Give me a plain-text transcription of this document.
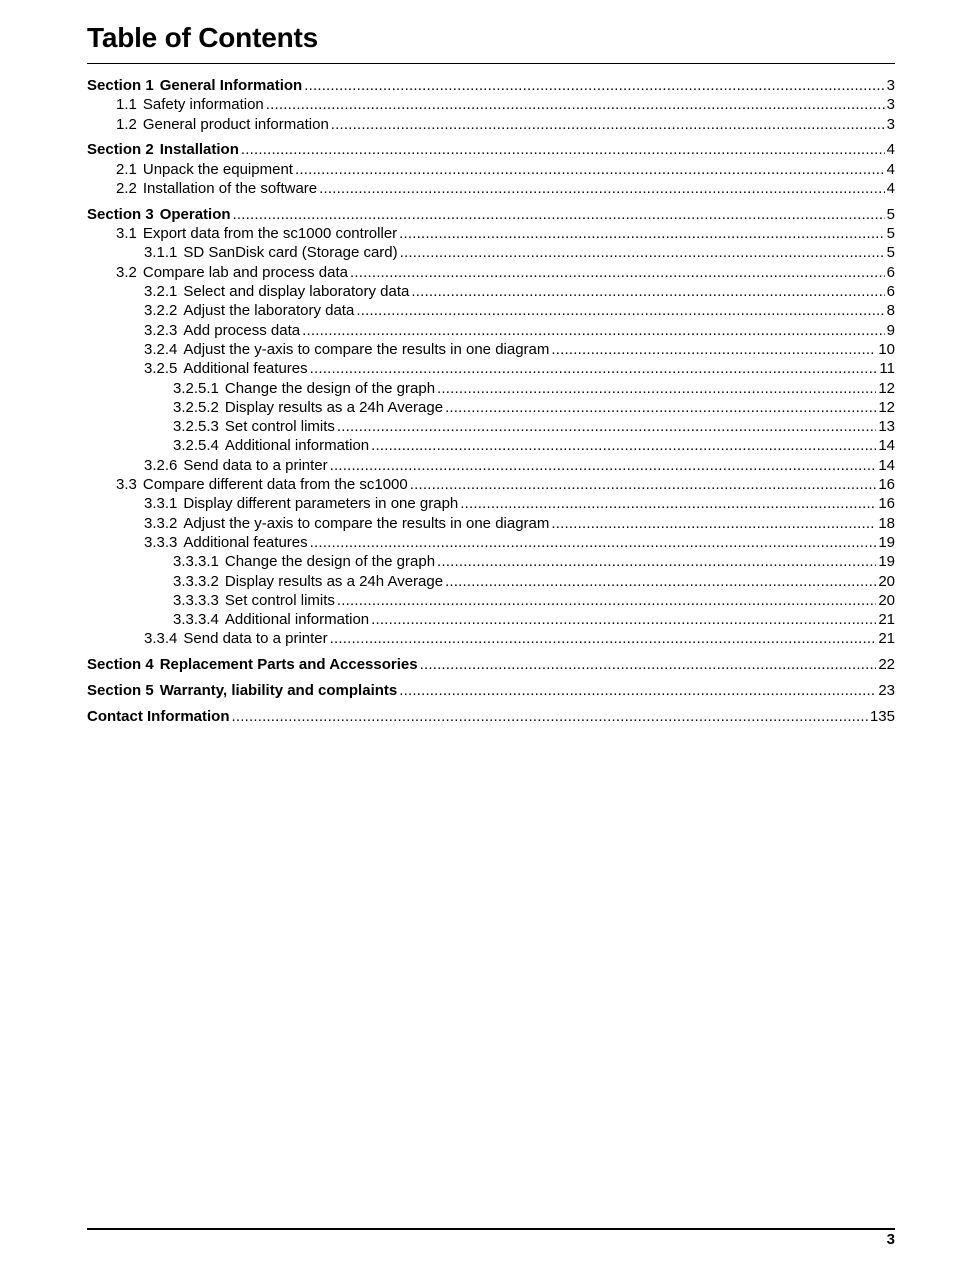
Table of Contents
Section 1 General Information .....	3
1.1 Safety information .....	3
1.2 General product information .....	3
Section 2 Installation .....	4
2.1 Unpack the equipment .....	4
2.2 Installation of the software .....	4
Section 3 Operation .....	5
3.1 Export data from the sc1000 controller .....	5
3.1.1 SD SanDisk card (Storage card) .....	5
3.2 Compare lab and process data .....	6
3.2.1 Select and display laboratory data .....	6
3.2.2 Adjust the laboratory data .....	8
3.2.3 Add process data .....	9
3.2.4 Adjust the y-axis to compare the results in one diagram .....	10
3.2.5 Additional features .....	11
3.2.5.1 Change the design of the graph .....	12
3.2.5.2 Display results as a 24h Average .....	12
3.2.5.3 Set control limits .....	13
3.2.5.4 Additional information .....	14
3.2.6 Send data to a printer .....	14
3.3 Compare different data from the sc1000 .....	16
3.3.1 Display different parameters in one graph .....	16
3.3.2 Adjust the y-axis to compare the results in one diagram .....	18
3.3.3 Additional features .....	19
3.3.3.1 Change the design of the graph .....	19
3.3.3.2 Display results as a 24h Average .....	20
3.3.3.3 Set control limits .....	20
3.3.3.4 Additional information .....	21
3.3.4 Send data to a printer .....	21
Section 4 Replacement Parts and Accessories .....	22
Section 5 Warranty, liability and complaints .....	23
Contact Information .....	135
3
